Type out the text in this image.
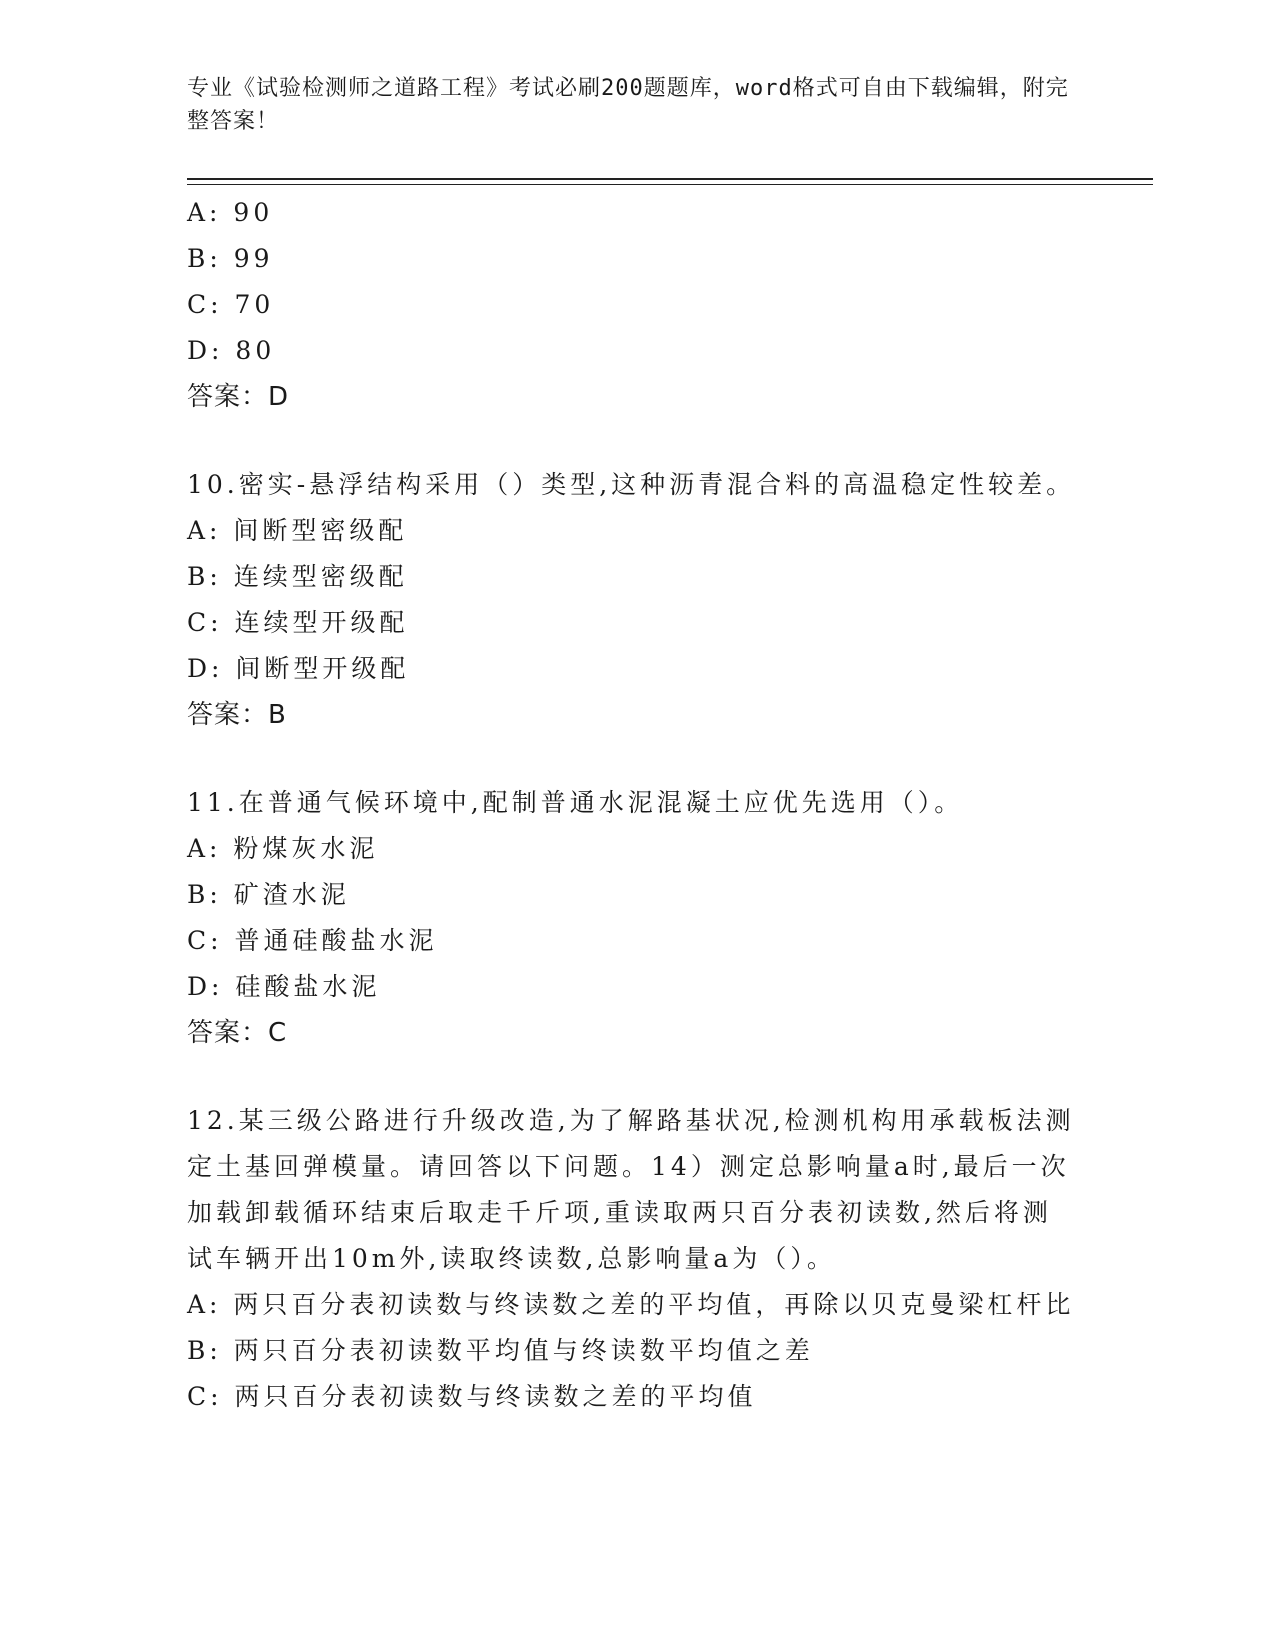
专业《试验检测师之道路工程》考试必刷200题题库，word格式可自由下载编辑，附完整答案！
A: 90
B: 99
C: 70
D: 80
答案：D
10.密实-悬浮结构采用（）类型,这种沥青混合料的高温稳定性较差。
A: 间断型密级配
B: 连续型密级配
C: 连续型开级配
D: 间断型开级配
答案：B
11.在普通气候环境中,配制普通水泥混凝土应优先选用（）。
A: 粉煤灰水泥
B: 矿渣水泥
C: 普通硅酸盐水泥
D: 硅酸盐水泥
答案：C
12.某三级公路进行升级改造,为了解路基状况,检测机构用承载板法测
定土基回弹模量。请回答以下问题。14）测定总影响量a时,最后一次
加载卸载循环结束后取走千斤项,重读取两只百分表初读数,然后将测
试车辆开出10m外,读取终读数,总影响量a为（）。
A: 两只百分表初读数与终读数之差的平均值，再除以贝克曼梁杠杆比
B: 两只百分表初读数平均值与终读数平均值之差
C: 两只百分表初读数与终读数之差的平均值
